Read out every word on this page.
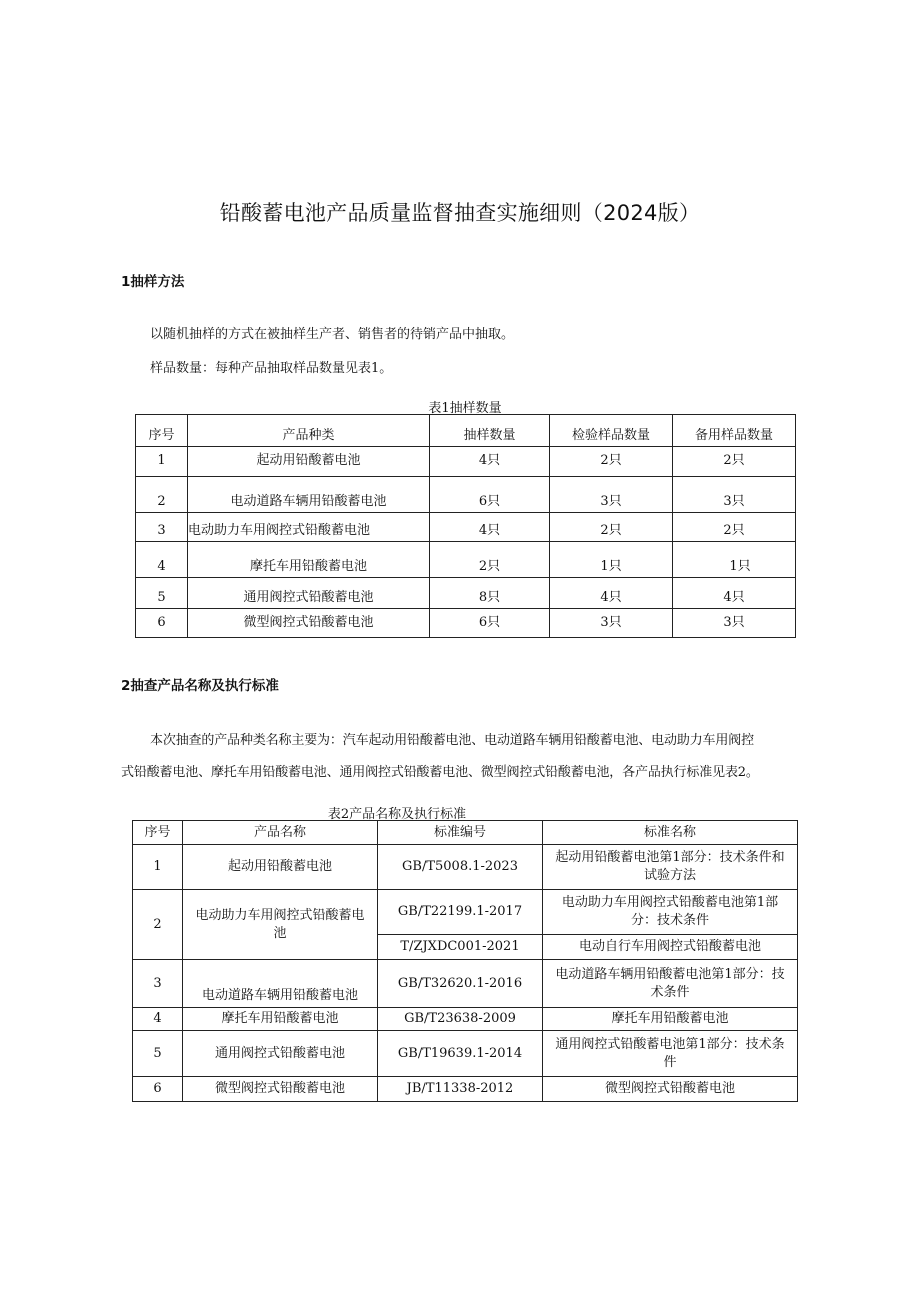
铅酸蓄电池产品质量监督抽查实施细则（2024版）
1抽样方法
以随机抽样的方式在被抽样生产者、销售者的待销产品中抽取。
样品数量：每种产品抽取样品数量见表1。
表1抽样数量
序号	产品种类	抽样数量	检验样品数量	备用样品数量
1	起动用铅酸蓄电池	4只	2只	2只
2	电动道路车辆用铅酸蓄电池	6只	3只	3只
3	电动助力车用阀控式铅酸蓄电池	4只	2只	2只
4	摩托车用铅酸蓄电池	2只	1只	1只
5	通用阀控式铅酸蓄电池	8只	4只	4只
6	微型阀控式铅酸蓄电池	6只	3只	3只
2抽查产品名称及执行标准
本次抽查的产品种类名称主要为：汽车起动用铅酸蓄电池、电动道路车辆用铅酸蓄电池、电动助力车用阀控
式铅酸蓄电池、摩托车用铅酸蓄电池、通用阀控式铅酸蓄电池、微型阀控式铅酸蓄电池，各产品执行标准见表2。
表2产品名称及执行标准
序号	产品名称	标准编号	标准名称
1	起动用铅酸蓄电池	GB/T5008.1-2023	起动用铅酸蓄电池第1部分：技术条件和试验方法
2	电动助力车用阀控式铅酸蓄电池	GB/T22199.1-2017	电动助力车用阀控式铅酸蓄电池第1部分：技术条件
		T/ZJXDC001-2021	电动自行车用阀控式铅酸蓄电池
3	电动道路车辆用铅酸蓄电池	GB/T32620.1-2016	电动道路车辆用铅酸蓄电池第1部分：技术条件
4	摩托车用铅酸蓄电池	GB/T23638-2009	摩托车用铅酸蓄电池
5	通用阀控式铅酸蓄电池	GB/T19639.1-2014	通用阀控式铅酸蓄电池第1部分：技术条件
6	微型阀控式铅酸蓄电池	JB/T11338-2012	微型阀控式铅酸蓄电池
